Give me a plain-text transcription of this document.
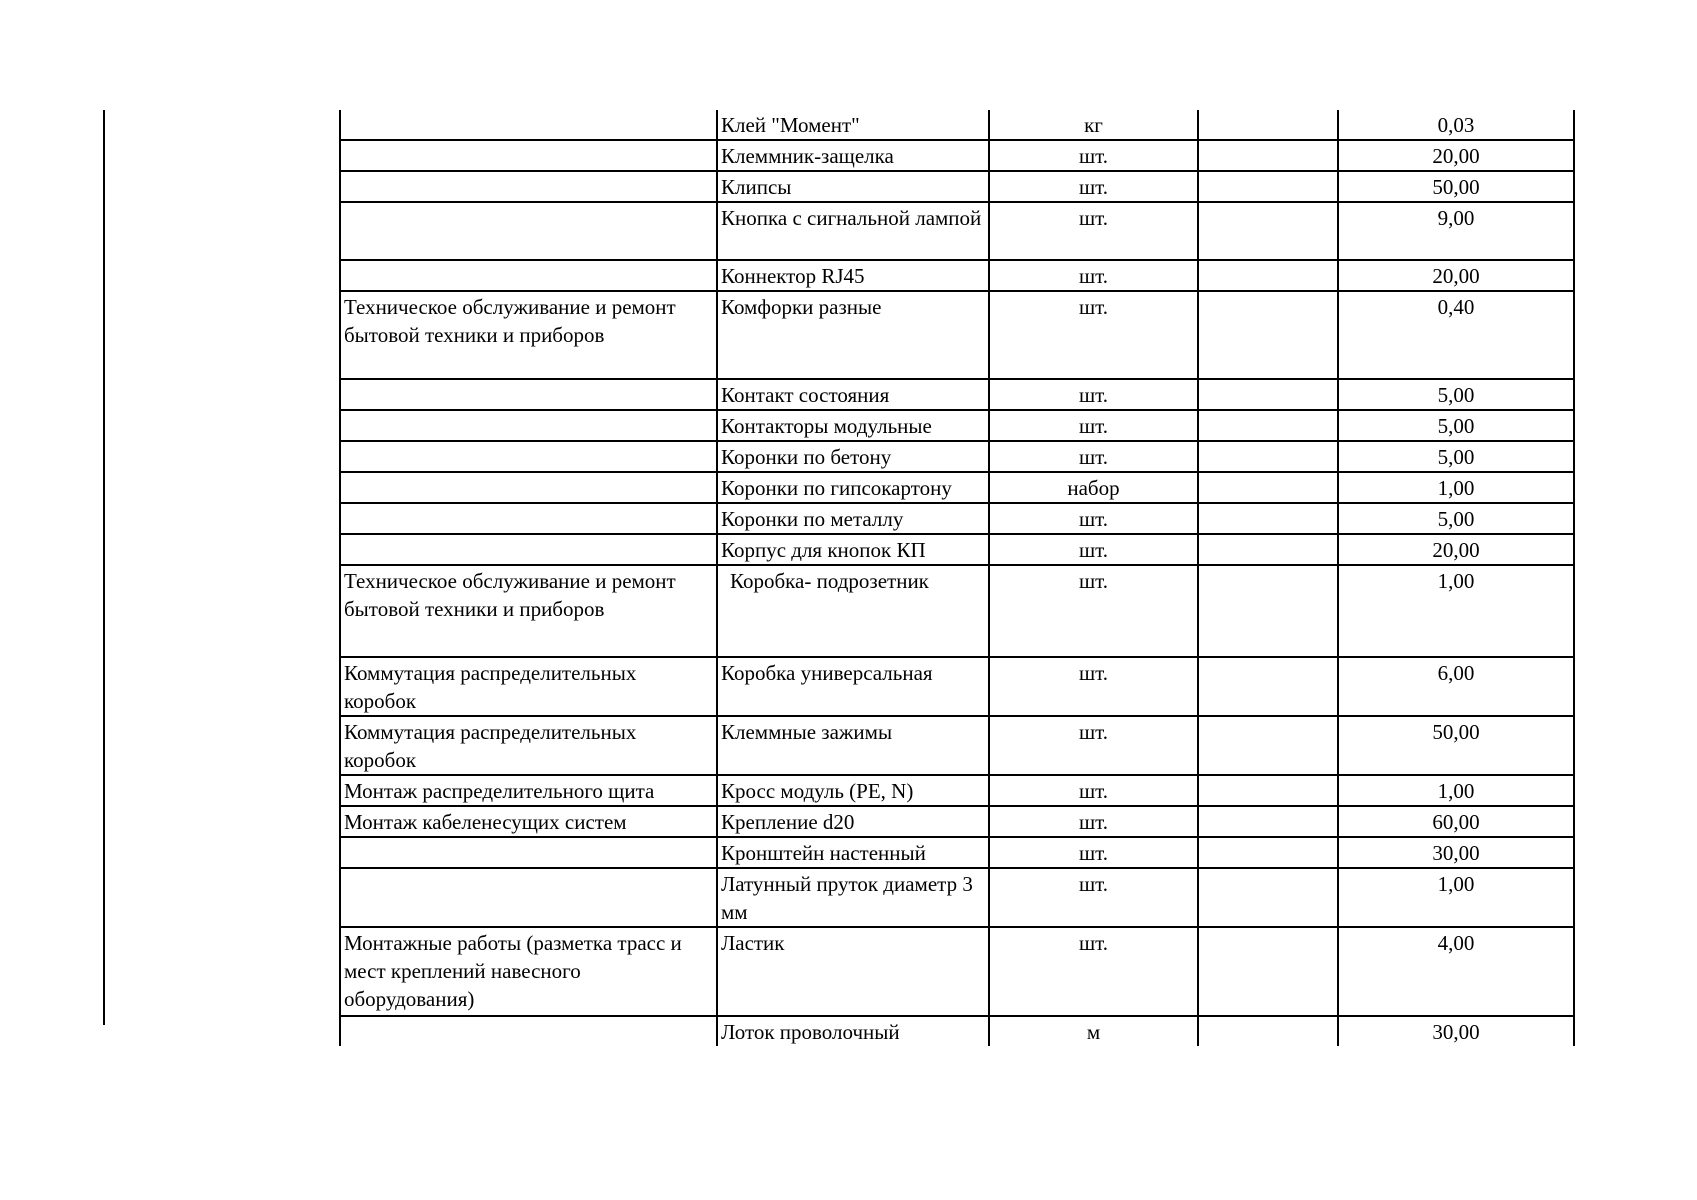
	Клей "Момент"	кг		0,03
	Клеммник-защелка	шт.		20,00
	Клипсы	шт.		50,00
	Кнопка с сигнальной лампой	шт.		9,00
	Коннектор RJ45	шт.		20,00
Техническое обслуживание и ремонт бытовой техники и приборов	Комфорки разные	шт.		0,40
	Контакт состояния	шт.		5,00
	Контакторы модульные	шт.		5,00
	Коронки по бетону	шт.		5,00
	Коронки по гипсокартону	набор		1,00
	Коронки по металлу	шт.		5,00
	Корпус для кнопок КП	шт.		20,00
Техническое обслуживание и ремонт бытовой техники и приборов	Коробка- подрозетник	шт.		1,00
Коммутация распределительных коробок	Коробка универсальная	шт.		6,00
Коммутация распределительных коробок	Клеммные зажимы	шт.		50,00
Монтаж распределительного щита	Кросс модуль (PE, N)	шт.		1,00
Монтаж кабеленесущих систем	Крепление d20	шт.		60,00
	Кронштейн настенный	шт.		30,00
	Латунный пруток диаметр 3 мм	шт.		1,00
Монтажные работы (разметка трасс и мест креплений навесного оборудования)	Ластик	шт.		4,00
	Лоток проволочный	м		30,00
